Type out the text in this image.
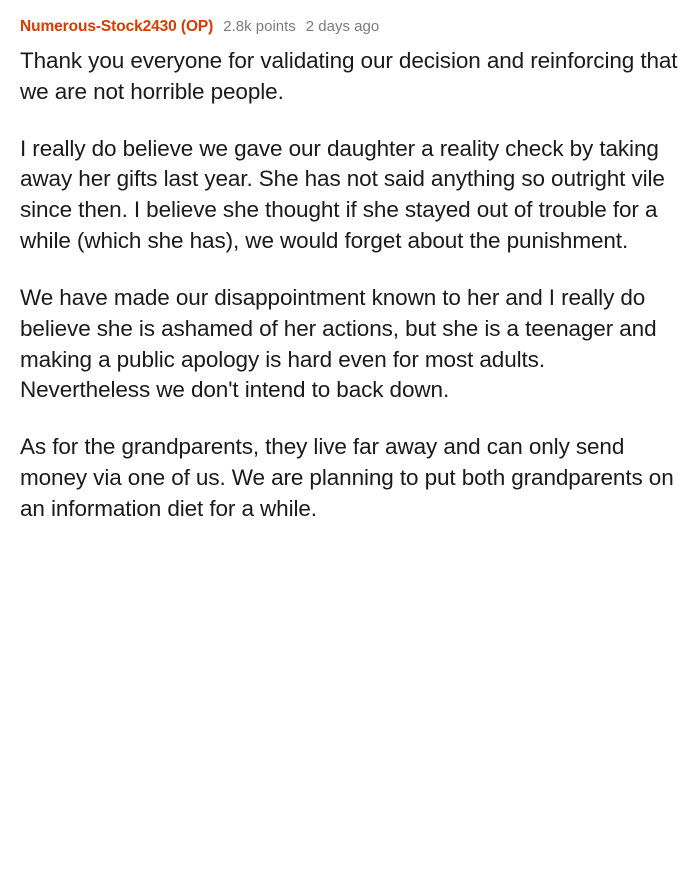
Numerous-Stock2430 (OP) 2.8k points 2 days ago

Thank you everyone for validating our decision and reinforcing that we are not horrible people.

I really do believe we gave our daughter a reality check by taking away her gifts last year. She has not said anything so outright vile since then. I believe she thought if she stayed out of trouble for a while (which she has), we would forget about the punishment.

We have made our disappointment known to her and I really do believe she is ashamed of her actions, but she is a teenager and making a public apology is hard even for most adults. Nevertheless we don't intend to back down.

As for the grandparents, they live far away and can only send money via one of us. We are planning to put both grandparents on an information diet for a while.
